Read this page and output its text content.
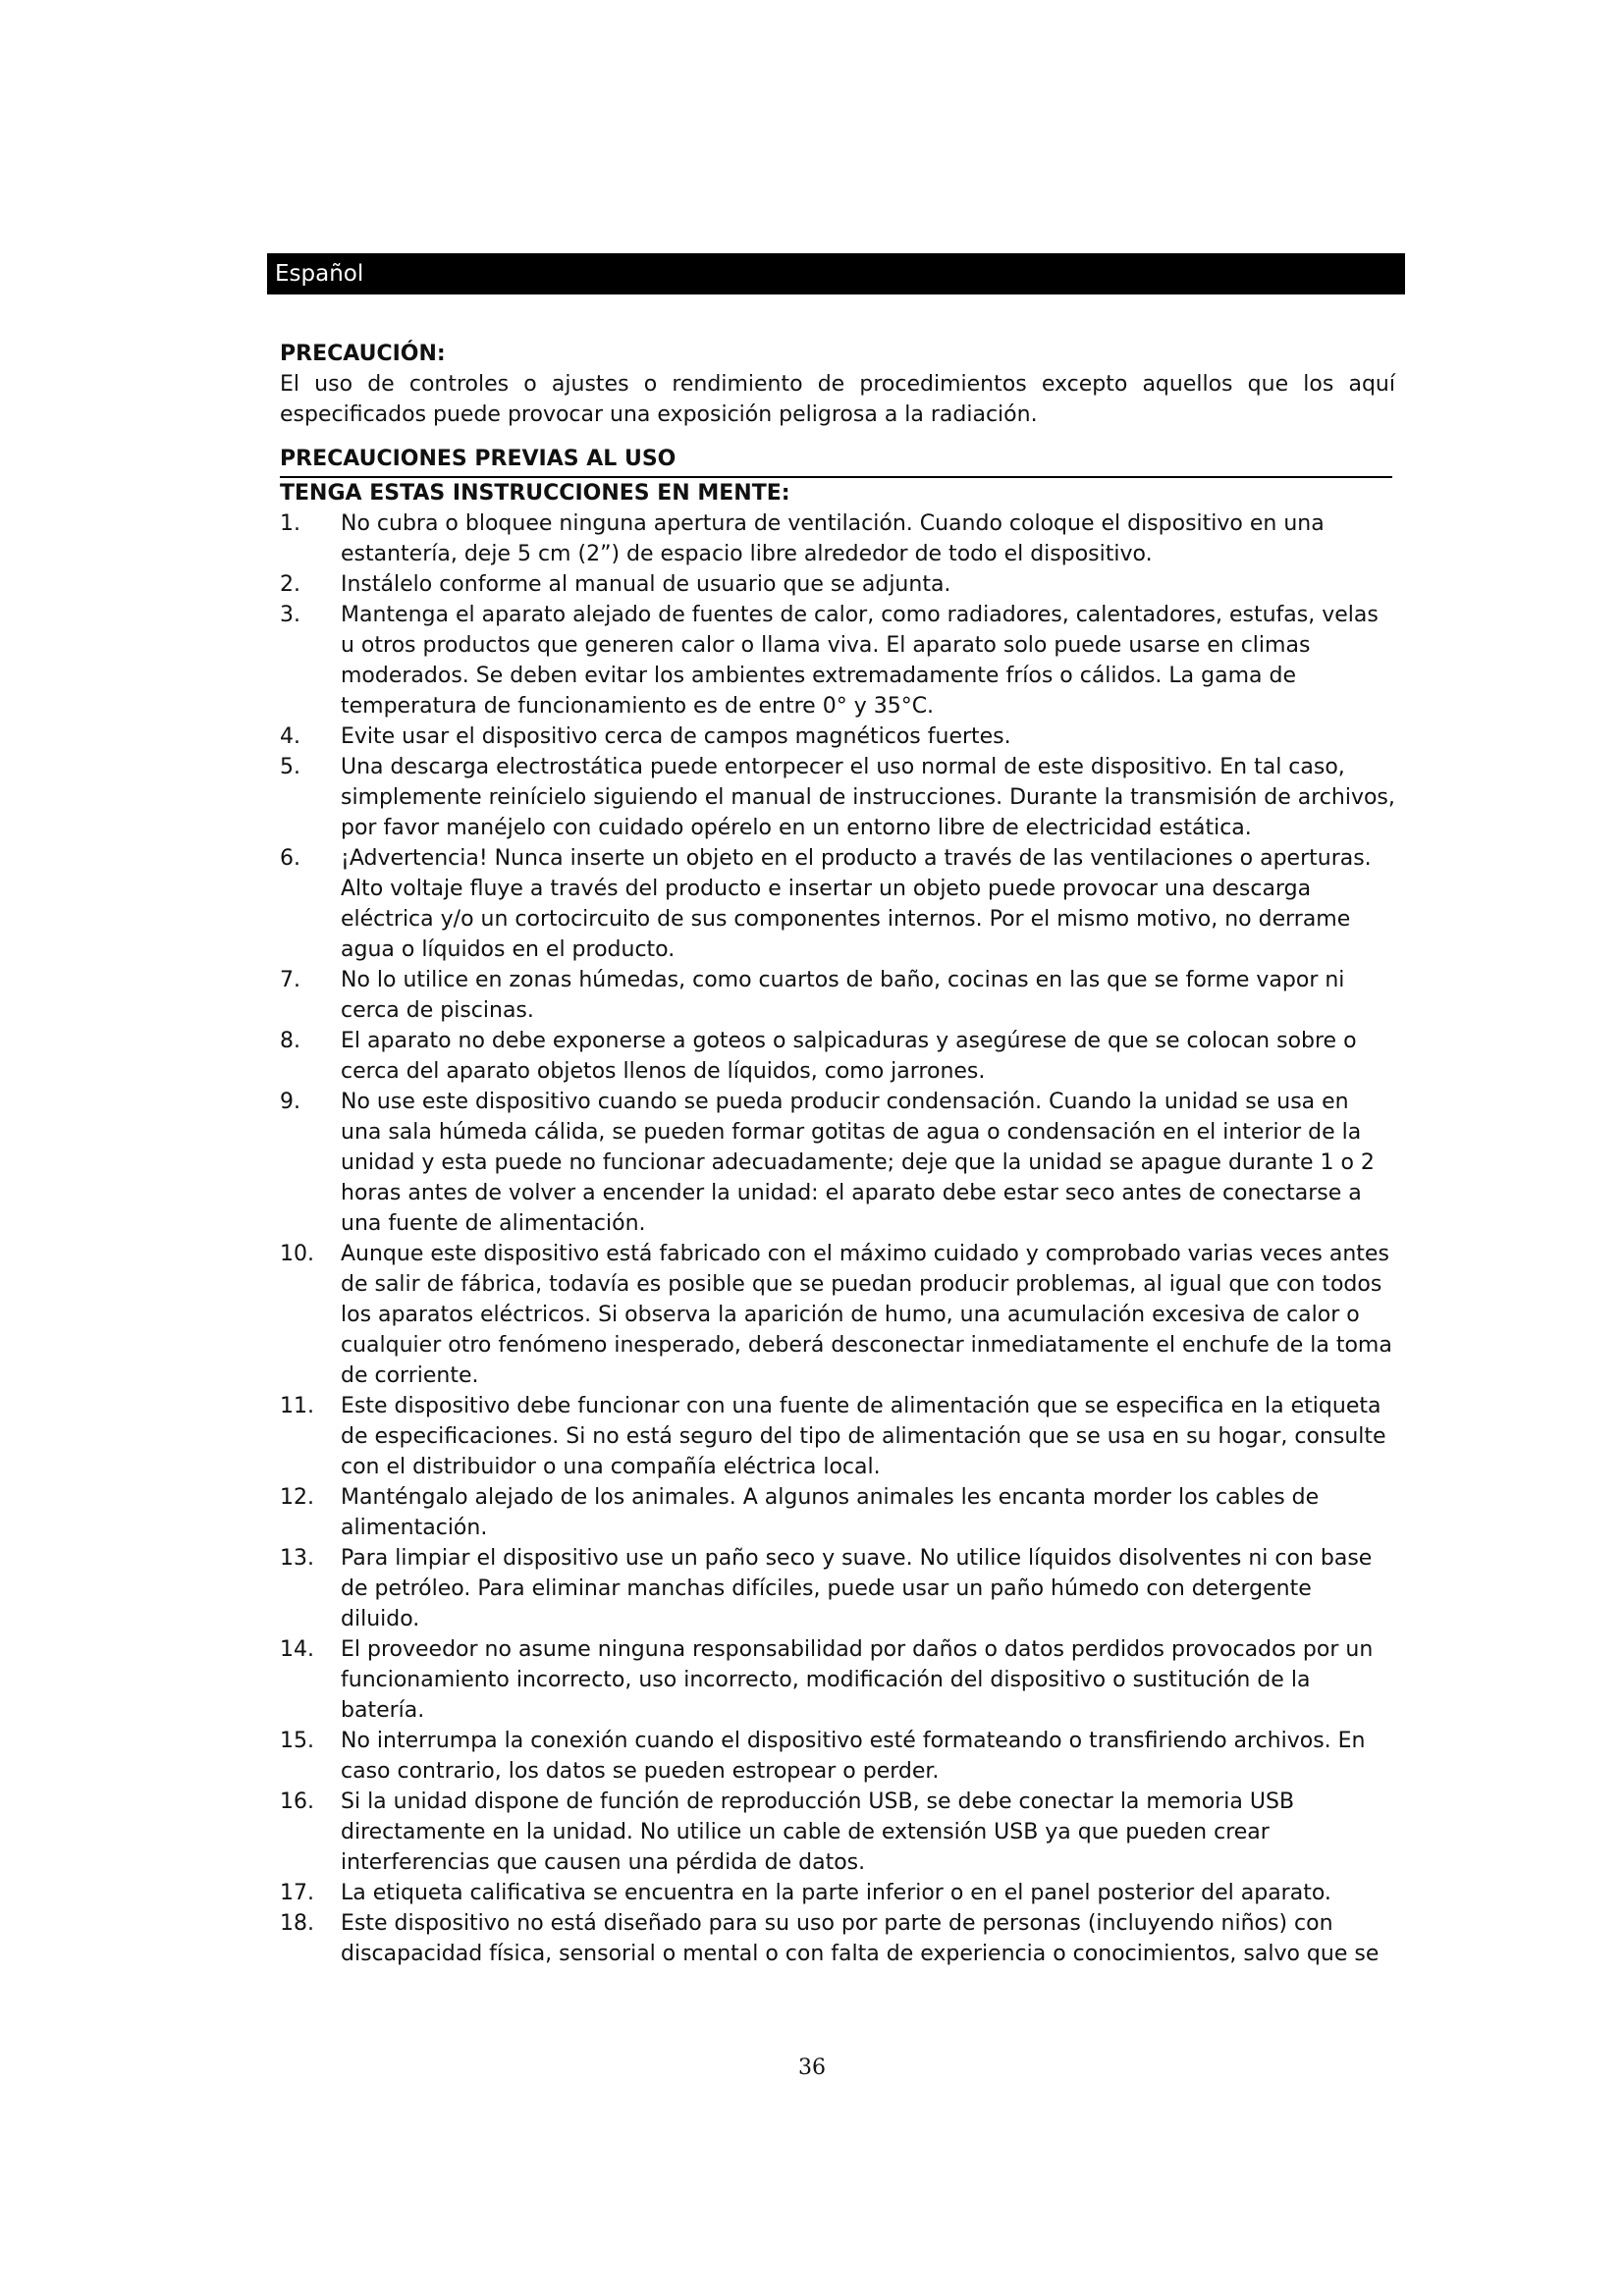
Español

PRECAUCIÓN:

El uso de controles o ajustes o rendimiento de procedimientos excepto aquellos que los aquí especificados puede provocar una exposición peligrosa a la radiación.

PRECAUCIONES PREVIAS AL USO

TENGA ESTAS INSTRUCCIONES EN MENTE:

1. No cubra o bloquee ninguna apertura de ventilación. Cuando coloque el dispositivo en una estantería, deje 5 cm (2”) de espacio libre alrededor de todo el dispositivo.
2. Instálelo conforme al manual de usuario que se adjunta.
3. Mantenga el aparato alejado de fuentes de calor, como radiadores, calentadores, estufas, velas u otros productos que generen calor o llama viva. El aparato solo puede usarse en climas moderados. Se deben evitar los ambientes extremadamente fríos o cálidos. La gama de temperatura de funcionamiento es de entre 0° y 35°C.
4. Evite usar el dispositivo cerca de campos magnéticos fuertes.
5. Una descarga electrostática puede entorpecer el uso normal de este dispositivo. En tal caso, simplemente reinícielo siguiendo el manual de instrucciones. Durante la transmisión de archivos, por favor manéjelo con cuidado opérelo en un entorno libre de electricidad estática.
6. ¡Advertencia! Nunca inserte un objeto en el producto a través de las ventilaciones o aperturas. Alto voltaje fluye a través del producto e insertar un objeto puede provocar una descarga eléctrica y/o un cortocircuito de sus componentes internos. Por el mismo motivo, no derrame agua o líquidos en el producto.
7. No lo utilice en zonas húmedas, como cuartos de baño, cocinas en las que se forme vapor ni cerca de piscinas.
8. El aparato no debe exponerse a goteos o salpicaduras y asegúrese de que se colocan sobre o cerca del aparato objetos llenos de líquidos, como jarrones.
9. No use este dispositivo cuando se pueda producir condensación. Cuando la unidad se usa en una sala húmeda cálida, se pueden formar gotitas de agua o condensación en el interior de la unidad y esta puede no funcionar adecuadamente; deje que la unidad se apague durante 1 o 2 horas antes de volver a encender la unidad: el aparato debe estar seco antes de conectarse a una fuente de alimentación.
10. Aunque este dispositivo está fabricado con el máximo cuidado y comprobado varias veces antes de salir de fábrica, todavía es posible que se puedan producir problemas, al igual que con todos los aparatos eléctricos. Si observa la aparición de humo, una acumulación excesiva de calor o cualquier otro fenómeno inesperado, deberá desconectar inmediatamente el enchufe de la toma de corriente.
11. Este dispositivo debe funcionar con una fuente de alimentación que se especifica en la etiqueta de especificaciones. Si no está seguro del tipo de alimentación que se usa en su hogar, consulte con el distribuidor o una compañía eléctrica local.
12. Manténgalo alejado de los animales. A algunos animales les encanta morder los cables de alimentación.
13. Para limpiar el dispositivo use un paño seco y suave. No utilice líquidos disolventes ni con base de petróleo. Para eliminar manchas difíciles, puede usar un paño húmedo con detergente diluido.
14. El proveedor no asume ninguna responsabilidad por daños o datos perdidos provocados por un funcionamiento incorrecto, uso incorrecto, modificación del dispositivo o sustitución de la batería.
15. No interrumpa la conexión cuando el dispositivo esté formateando o transfiriendo archivos. En caso contrario, los datos se pueden estropear o perder.
16. Si la unidad dispone de función de reproducción USB, se debe conectar la memoria USB directamente en la unidad. No utilice un cable de extensión USB ya que pueden crear interferencias que causen una pérdida de datos.
17. La etiqueta calificativa se encuentra en la parte inferior o en el panel posterior del aparato.
18. Este dispositivo no está diseñado para su uso por parte de personas (incluyendo niños) con discapacidad física, sensorial o mental o con falta de experiencia o conocimientos, salvo que se
36
